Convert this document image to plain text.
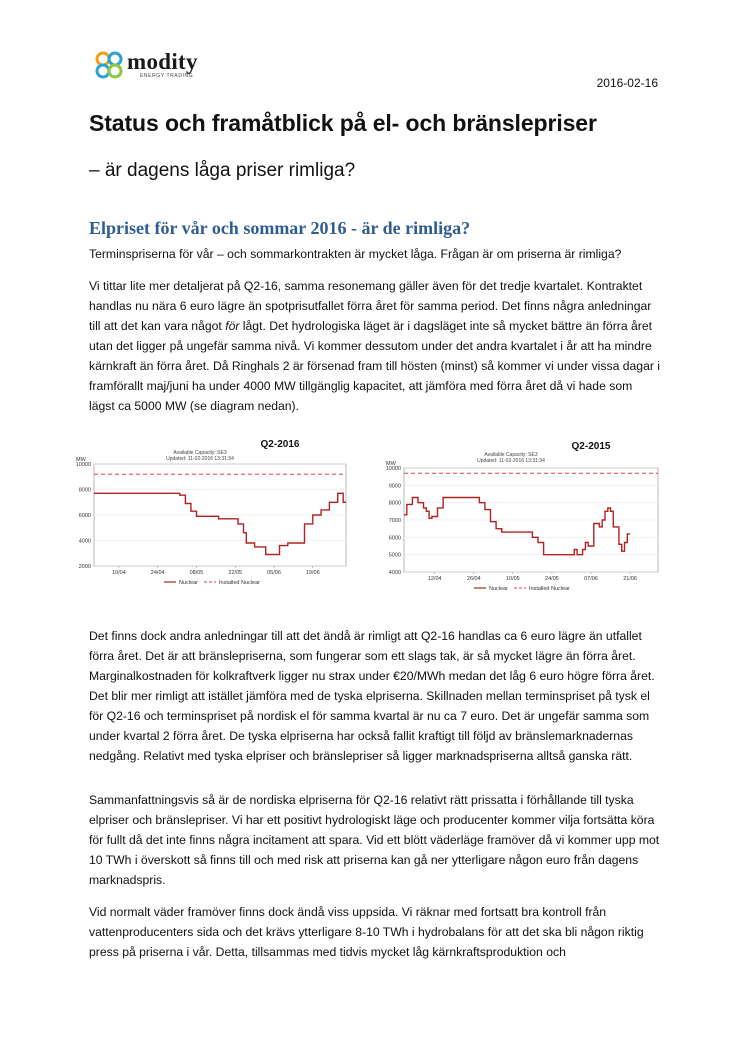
modity
ENERGY TRADING	2016-02-16
Status och framåtblick på el- och bränslepriser
– är dagens låga priser rimliga?
Elpriset för vår och sommar 2016 - är de rimliga?

Terminspriserna för vår – och sommarkontrakten är mycket låga. Frågan är om priserna är rimliga?

Vi tittar lite mer detaljerat på Q2-16, samma resonemang gäller även för det tredje kvartalet. Kontraktet handlas nu nära 6 euro lägre än spotprisutfallet förra året för samma period. Det finns några anledningar till att det kan vara något för lågt. Det hydrologiska läget är i dagsläget inte så mycket bättre än förra året utan det ligger på ungefär samma nivå. Vi kommer dessutom under det andra kvartalet i år att ha mindre kärnkraft än förra året. Då Ringhals 2 är försenad fram till hösten (minst) så kommer vi under vissa dagar i framförallt maj/juni ha under 4000 MW tillgänglig kapacitet, att jämföra med förra året då vi hade som lägst ca 5000 MW (se diagram nedan).

Q2-2016
Available Capacity: SE3
Updated: 11-02-2016 13:31:34
2000
4000
6000
8000
10000
MW
10/04	24/04	08/05	22/05	05/06	19/06
Nuclear	Installed Nuclear
Q2-2015
Available Capacity: SE3
Updated: 11-02-2016 13:31:34
4000
5000
6000
7000
8000
9000
10000
MW
12/04	26/04	10/05	24/05	07/06	21/06
Nuclear	Installed Nuclear

Det finns dock andra anledningar till att det ändå är rimligt att Q2-16 handlas ca 6 euro lägre än utfallet förra året. Det är att bränslepriserna, som fungerar som ett slags tak, är så mycket lägre än förra året. Marginalkostnaden för kolkraftverk ligger nu strax under €20/MWh medan det låg 6 euro högre förra året. Det blir mer rimligt att istället jämföra med de tyska elpriserna. Skillnaden mellan terminspriset på tysk el för Q2-16 och terminspriset på nordisk el för samma kvartal är nu ca 7 euro. Det är ungefär samma som under kvartal 2 förra året. De tyska elpriserna har också fallit kraftigt till följd av bränslemarknadernas nedgång. Relativt med tyska elpriser och bränslepriser så ligger marknadspriserna alltså ganska rätt.

Sammanfattningsvis så är de nordiska elpriserna för Q2-16 relativt rätt prissatta i förhållande till tyska elpriser och bränslepriser. Vi har ett positivt hydrologiskt läge och producenter kommer vilja fortsätta köra för fullt då det inte finns några incitament att spara. Vid ett blött väderläge framöver då vi kommer upp mot 10 TWh i överskott så finns till och med risk att priserna kan gå ner ytterligare någon euro från dagens marknadspris.

Vid normalt väder framöver finns dock ändå viss uppsida. Vi räknar med fortsatt bra kontroll från vattenproducenters sida och det krävs ytterligare 8-10 TWh i hydrobalans för att det ska bli någon riktig press på priserna i vår. Detta, tillsammas med tidvis mycket låg kärnkraftsproduktion och
